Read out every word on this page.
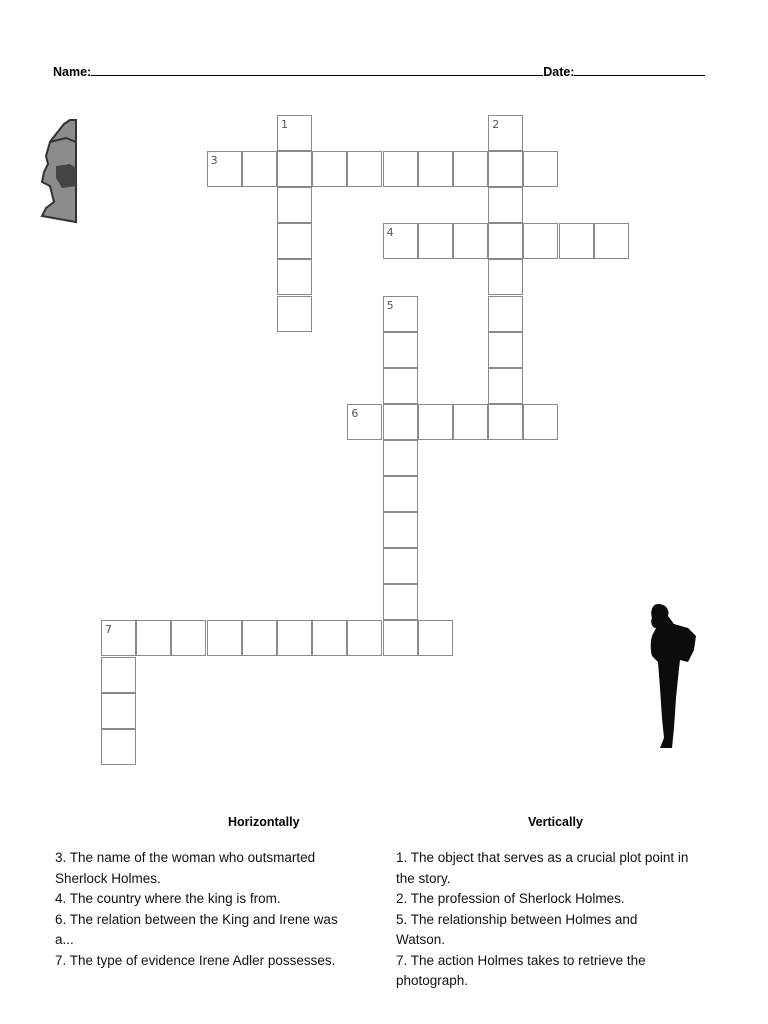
Name:	Date:
1	2
3
4
5
6
7
Horizontally	Vertically
3. The name of the woman who outsmarted
Sherlock Holmes.
4. The country where the king is from.
6. The relation between the King and Irene was
a...
7. The type of evidence Irene Adler possesses.
1. The object that serves as a crucial plot point in
the story.
2. The profession of Sherlock Holmes.
5. The relationship between Holmes and
Watson.
7. The action Holmes takes to retrieve the
photograph.
